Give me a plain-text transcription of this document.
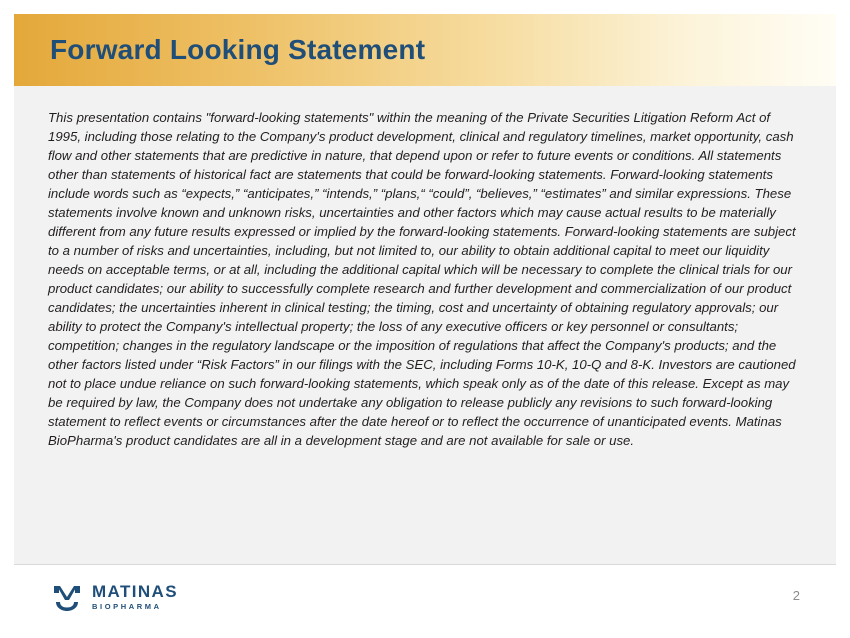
Forward Looking Statement
This presentation contains "forward-looking statements" within the meaning of the Private Securities Litigation Reform Act of 1995, including those relating to the Company's product development, clinical and regulatory timelines, market opportunity, cash flow and other statements that are predictive in nature, that depend upon or refer to future events or conditions. All statements other than statements of historical fact are statements that could be forward-looking statements. Forward-looking statements include words such as “expects,” “anticipates,” “intends,” “plans,“ “could”, “believes,” “estimates” and similar expressions. These statements involve known and unknown risks, uncertainties and other factors which may cause actual results to be materially different from any future results expressed or implied by the forward-looking statements. Forward-looking statements are subject to a number of risks and uncertainties, including, but not limited to, our ability to obtain additional capital to meet our liquidity needs on acceptable terms, or at all, including the additional capital which will be necessary to complete the clinical trials for our product candidates; our ability to successfully complete research and further development and commercialization of our product candidates; the uncertainties inherent in clinical testing; the timing, cost and uncertainty of obtaining regulatory approvals; our ability to protect the Company's intellectual property; the loss of any executive officers or key personnel or consultants; competition; changes in the regulatory landscape or the imposition of regulations that affect the Company's products; and the other factors listed under “Risk Factors” in our filings with the SEC, including Forms 10-K, 10-Q and 8-K. Investors are cautioned not to place undue reliance on such forward-looking statements, which speak only as of the date of this release. Except as may be required by law, the Company does not undertake any obligation to release publicly any revisions to such forward-looking statement to reflect events or circumstances after the date hereof or to reflect the occurrence of unanticipated events. Matinas BioPharma's product candidates are all in a development stage and are not available for sale or use.
MATINAS
BIOPHARMA
2
